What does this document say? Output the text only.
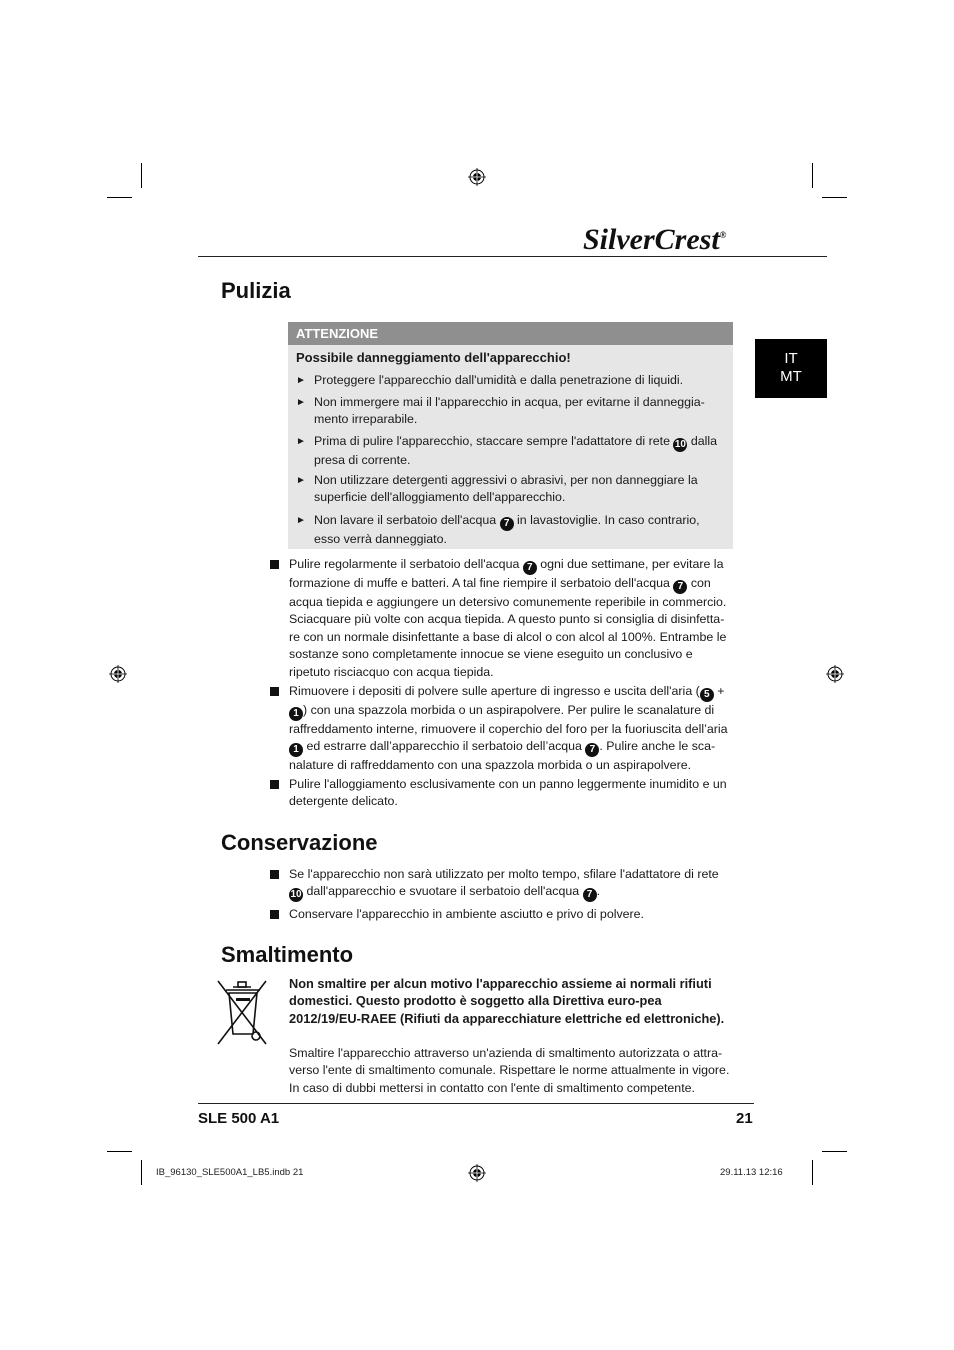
SilverCrest®
IT
MT
Pulizia
ATTENZIONE
Possibile danneggiamento dell'apparecchio!
► Proteggere l'apparecchio dall'umidità e dalla penetrazione di liquidi.
► Non immergere mai il l'apparecchio in acqua, per evitarne il danneggia-mento irreparabile.
► Prima di pulire l'apparecchio, staccare sempre l'adattatore di rete 10 dalla presa di corrente.
► Non utilizzare detergenti aggressivi o abrasivi, per non danneggiare la superficie dell'alloggiamento dell'apparecchio.
► Non lavare il serbatoio dell'acqua 7 in lavastoviglie. In caso contrario, esso verrà danneggiato.
Pulire regolarmente il serbatoio dell'acqua 7 ogni due settimane, per evitare la formazione di muffe e batteri. A tal fine riempire il serbatoio dell'acqua 7 con acqua tiepida e aggiungere un detersivo comunemente reperibile in commercio. Sciacquare più volte con acqua tiepida. A questo punto si consiglia di disinfetta-re con un normale disinfettante a base di alcol o con alcol al 100%. Entrambe le sostanze sono completamente innocue se viene eseguito un conclusivo e ripetuto risciacquo con acqua tiepida.
Rimuovere i depositi di polvere sulle aperture di ingresso e uscita dell'aria ( 5 + 1 ) con una spazzola morbida o un aspirapolvere. Per pulire le scanalature di raffreddamento interne, rimuovere il coperchio del foro per la fuoriuscita dell’aria 1 ed estrarre dall’apparecchio il serbatoio dell’acqua 7 . Pulire anche le sca-nalature di raffreddamento con una spazzola morbida o un aspirapolvere.
Pulire l'alloggiamento esclusivamente con un panno leggermente inumidito e un detergente delicato.
Conservazione
Se l'apparecchio non sarà utilizzato per molto tempo, sfilare l'adattatore di rete 10 dall'apparecchio e svuotare il serbatoio dell'acqua 7 .
Conservare l'apparecchio in ambiente asciutto e privo di polvere.
Smaltimento
Non smaltire per alcun motivo l'apparecchio assieme ai normali rifiuti domestici. Questo prodotto è soggetto alla Direttiva euro-pea 2012/19/EU-RAEE (Rifiuti da apparecchiature elettriche ed elettroniche).
Smaltire l'apparecchio attraverso un'azienda di smaltimento autorizzata o attra-verso l'ente di smaltimento comunale. Rispettare le norme attualmente in vigore. In caso di dubbi mettersi in contatto con l'ente di smaltimento competente.
SLE 500 A1	21
IB_96130_SLE500A1_LB5.indb 21	29.11.13 12:16
